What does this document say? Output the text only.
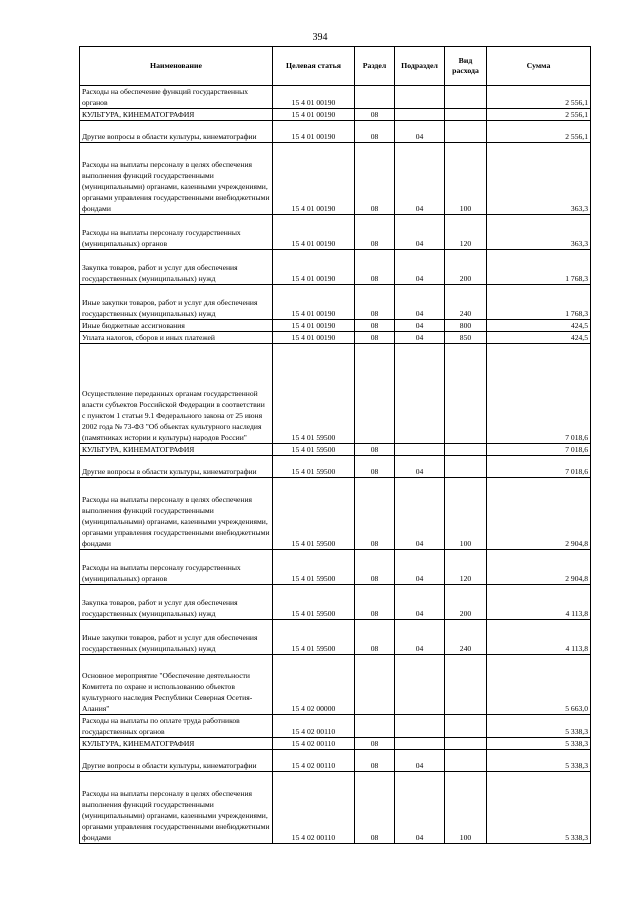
394
Наименование	Целевая статья	Раздел	Подраздел	Вид расхода	Сумма
Расходы на обеспечение функций государственных органов	15 4 01 00190				2 556,1
КУЛЬТУРА, КИНЕМАТОГРАФИЯ	15 4 01 00190	08			2 556,1
Другие вопросы в области культуры, кинематографии	15 4 01 00190	08	04		2 556,1
Расходы на выплаты персоналу в целях обеспечения выполнения функций государственными (муниципальными) органами, казенными учреждениями, органами управления государственными внебюджетными фондами	15 4 01 00190	08	04	100	363,3
Расходы на выплаты персоналу государственных (муниципальных) органов	15 4 01 00190	08	04	120	363,3
Закупка товаров, работ и услуг для обеспечения государственных (муниципальных) нужд	15 4 01 00190	08	04	200	1 768,3
Иные закупки товаров, работ и услуг для обеспечения государственных (муниципальных) нужд	15 4 01 00190	08	04	240	1 768,3
Иные бюджетные ассигнования	15 4 01 00190	08	04	800	424,5
Уплата налогов, сборов и иных платежей	15 4 01 00190	08	04	850	424,5
Осуществление переданных органам государственной власти субъектов Российской Федерации в соответствии с пунктом 1 статьи 9.1 Федерального закона от 25 июня 2002 года № 73-ФЗ "Об объектах культурного наследия (памятниках истории и культуры) народов России"	15 4 01 59500				7 018,6
КУЛЬТУРА, КИНЕМАТОГРАФИЯ	15 4 01 59500	08			7 018,6
Другие вопросы в области культуры, кинематографии	15 4 01 59500	08	04		7 018,6
Расходы на выплаты персоналу в целях обеспечения выполнения функций государственными (муниципальными) органами, казенными учреждениями, органами управления государственными внебюджетными фондами	15 4 01 59500	08	04	100	2 904,8
Расходы на выплаты персоналу государственных (муниципальных) органов	15 4 01 59500	08	04	120	2 904,8
Закупка товаров, работ и услуг для обеспечения государственных (муниципальных) нужд	15 4 01 59500	08	04	200	4 113,8
Иные закупки товаров, работ и услуг для обеспечения государственных (муниципальных) нужд	15 4 01 59500	08	04	240	4 113,8
Основное мероприятие "Обеспечение деятельности Комитета по охране и использованию объектов культурного наследия Республики Северная Осетия-Алания"	15 4 02 00000				5 663,0
Расходы на выплаты по оплате труда работников государственных органов	15 4 02 00110				5 338,3
КУЛЬТУРА, КИНЕМАТОГРАФИЯ	15 4 02 00110	08			5 338,3
Другие вопросы в области культуры, кинематографии	15 4 02 00110	08	04		5 338,3
Расходы на выплаты персоналу в целях обеспечения выполнения функций государственными (муниципальными) органами, казенными учреждениями, органами управления государственными внебюджетными фондами	15 4 02 00110	08	04	100	5 338,3
